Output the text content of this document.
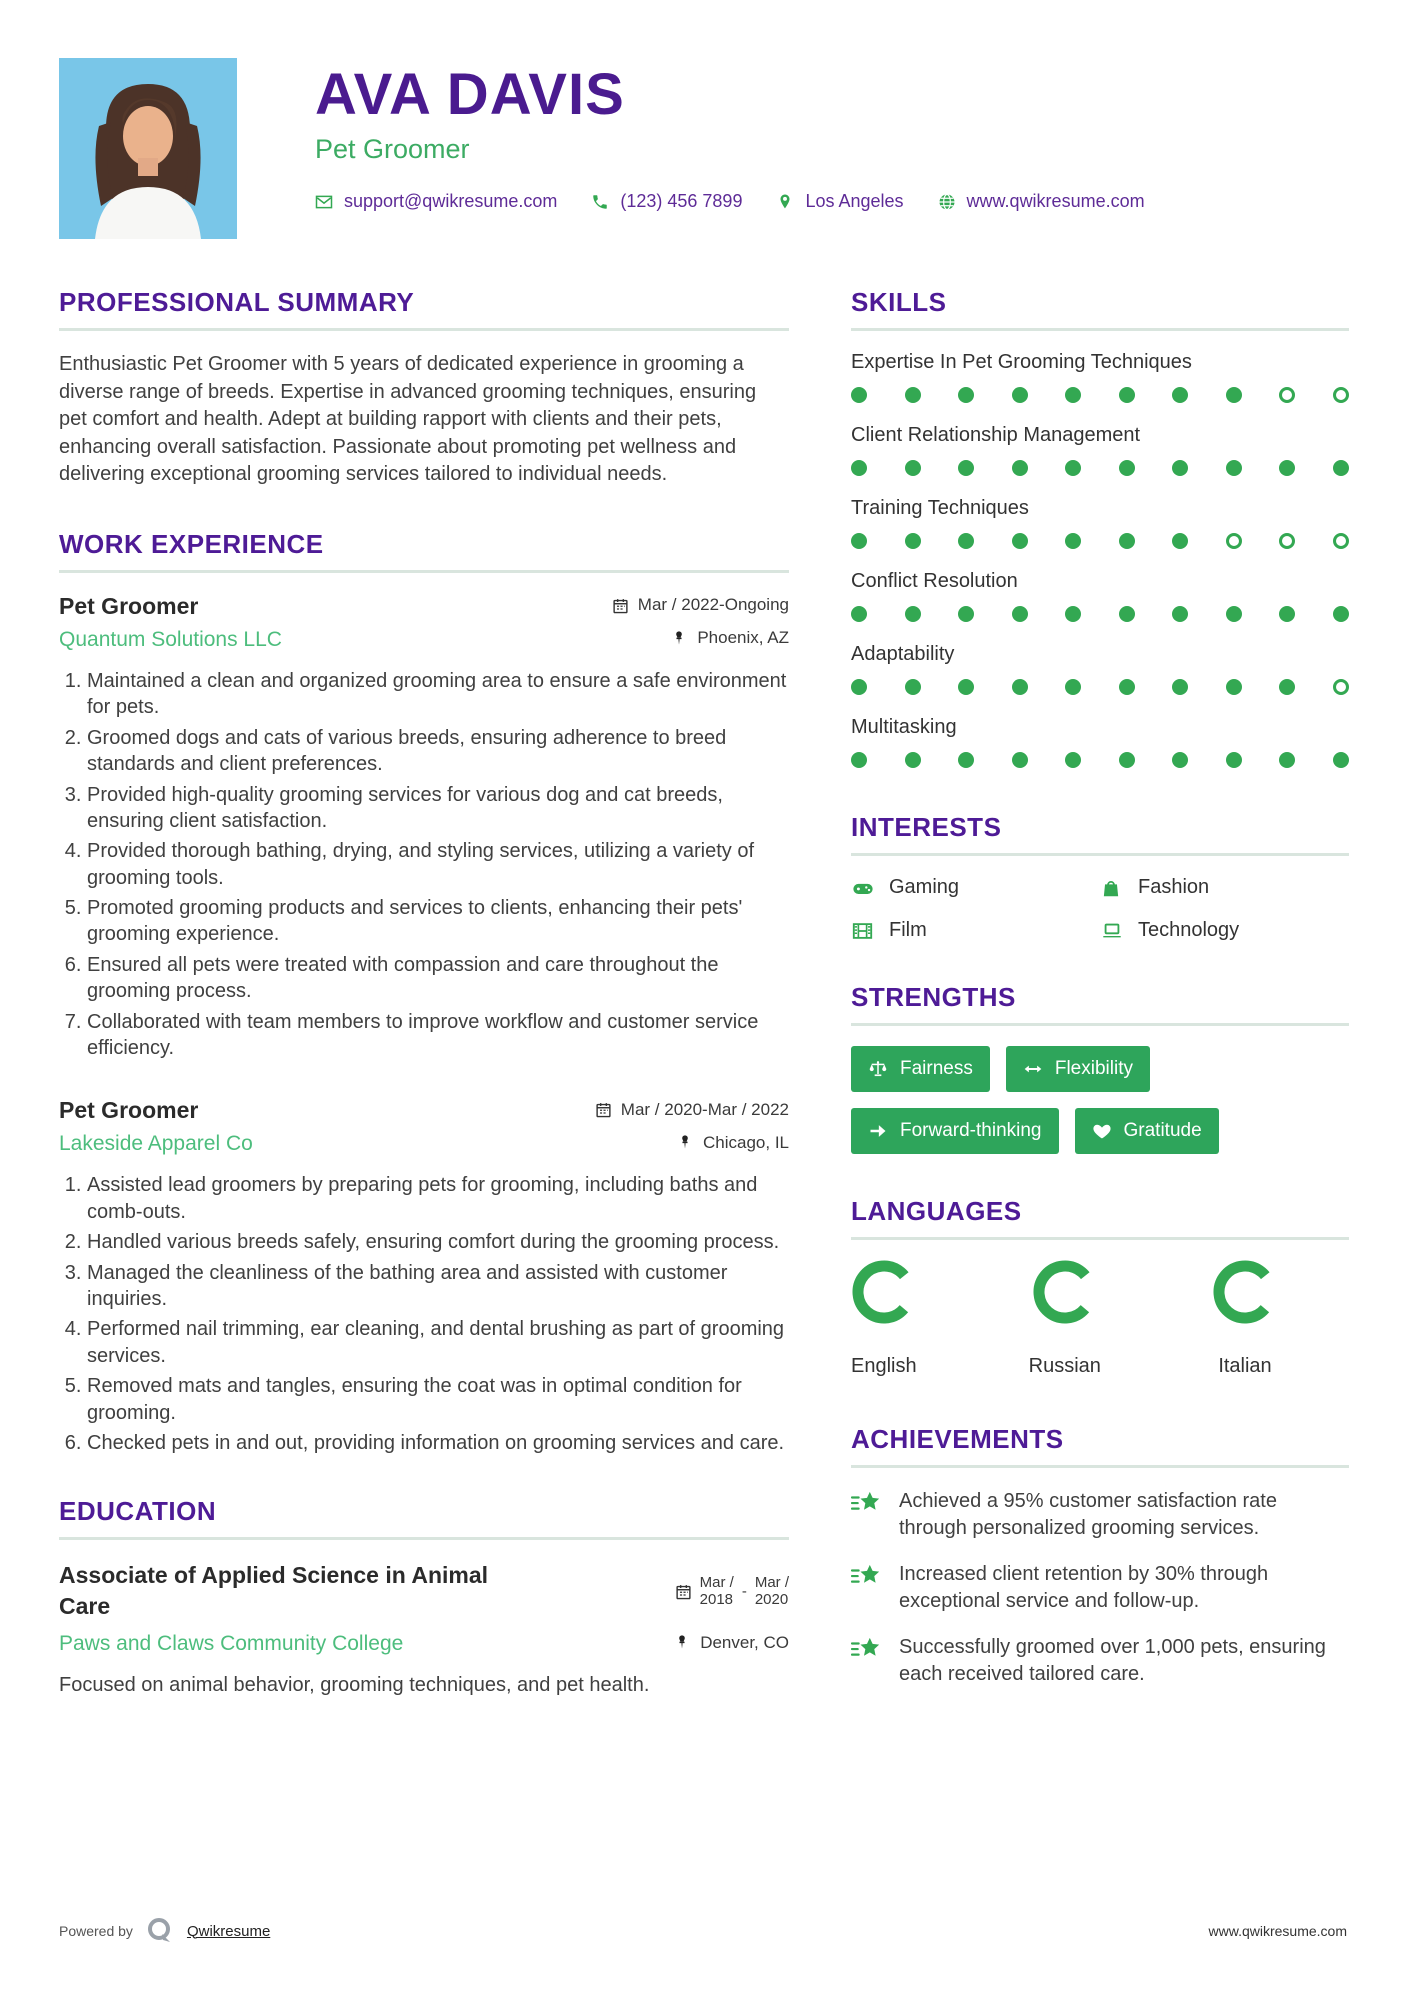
AVA DAVIS
Pet Groomer
support@qwikresume.com	(123) 456 7899	Los Angeles	www.qwikresume.com
PROFESSIONAL SUMMARY

Enthusiastic Pet Groomer with 5 years of dedicated experience in grooming a diverse range of breeds. Expertise in advanced grooming techniques, ensuring pet comfort and health. Adept at building rapport with clients and their pets, enhancing overall satisfaction. Passionate about promoting pet wellness and delivering exceptional grooming services tailored to individual needs.

WORK EXPERIENCE
Pet Groomer	Mar / 2022-Ongoing
Quantum Solutions LLC	Phoenix, AZ
1. Maintained a clean and organized grooming area to ensure a safe environment for pets.
2. Groomed dogs and cats of various breeds, ensuring adherence to breed standards and client preferences.
3. Provided high-quality grooming services for various dog and cat breeds, ensuring client satisfaction.
4. Provided thorough bathing, drying, and styling services, utilizing a variety of grooming tools.
5. Promoted grooming products and services to clients, enhancing their pets' grooming experience.
6. Ensured all pets were treated with compassion and care throughout the grooming process.
7. Collaborated with team members to improve workflow and customer service efficiency.
Pet Groomer	Mar / 2020-Mar / 2022
Lakeside Apparel Co	Chicago, IL
1. Assisted lead groomers by preparing pets for grooming, including baths and comb-outs.
2. Handled various breeds safely, ensuring comfort during the grooming process.
3. Managed the cleanliness of the bathing area and assisted with customer inquiries.
4. Performed nail trimming, ear cleaning, and dental brushing as part of grooming services.
5. Removed mats and tangles, ensuring the coat was in optimal condition for grooming.
6. Checked pets in and out, providing information on grooming services and care.
EDUCATION
Associate of Applied Science in Animal Care
Mar /
2018
-
Mar /
2020
Paws and Claws Community College	Denver, CO
Focused on animal behavior, grooming techniques, and pet health.
SKILLS
Expertise In Pet Grooming Techniques
Client Relationship Management
Training Techniques
Conflict Resolution
Adaptability
Multitasking
INTERESTS
Gaming	Fashion
Film	Technology
STRENGTHS
Fairness	Flexibility
Forward-thinking	Gratitude
LANGUAGES
English	Russian	Italian
ACHIEVEMENTS
Achieved a 95% customer satisfaction rate through personalized grooming services.
Increased client retention by 30% through exceptional service and follow-up.
Successfully groomed over 1,000 pets, ensuring each received tailored care.
Powered by	Qwikresume	www.qwikresume.com
